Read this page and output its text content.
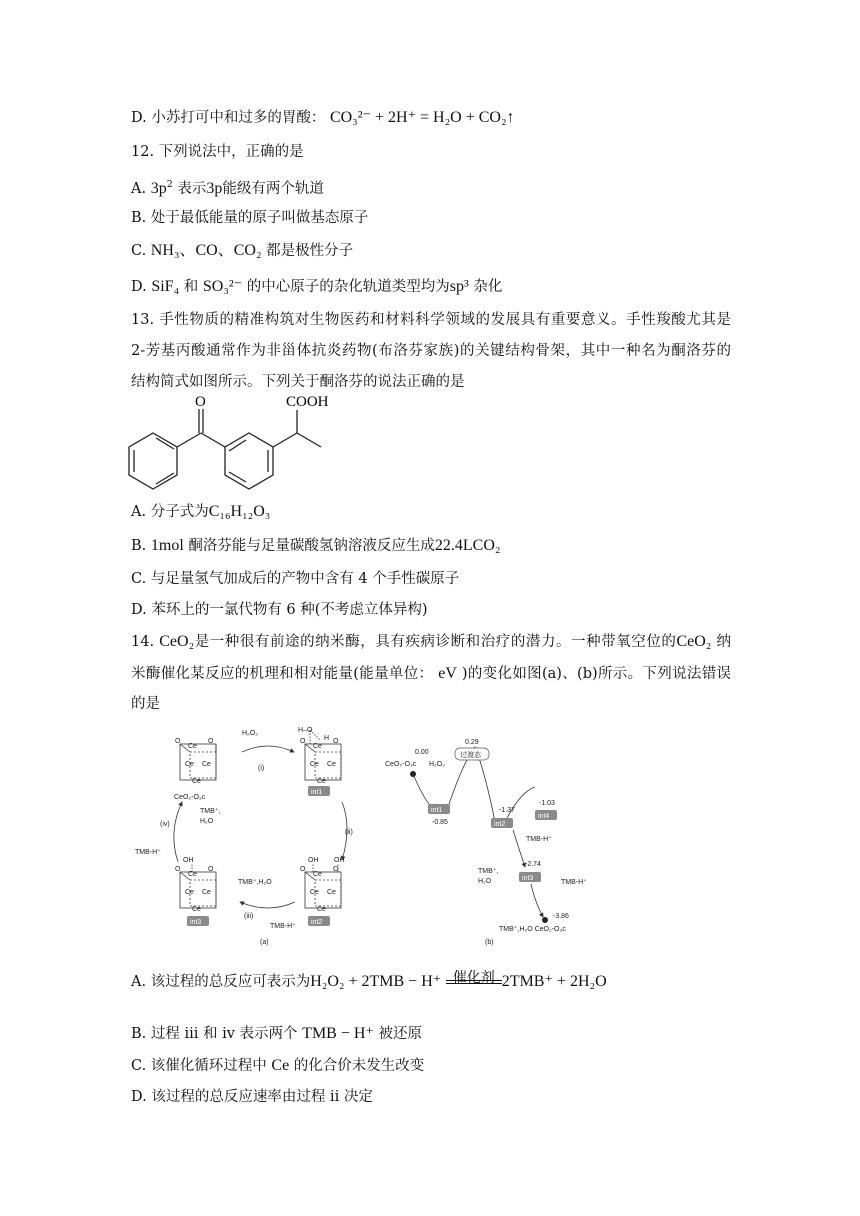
D. 小苏打可中和过多的胃酸： CO₃²⁻ + 2H⁺ = H₂O + CO₂↑
12. 下列说法中，正确的是
A. $3p^2$ 表示3p能级有两个轨道
B. 处于最低能量的原子叫做基态原子
C. NH₃、CO、CO₂ 都是极性分子
D. SiF₄ 和 SO₃²⁻ 的中心原子的杂化轨道类型均为sp³ 杂化
13. 手性物质的精准构筑对生物医药和材料科学领域的发展具有重要意义。手性羧酸尤其是
2-芳基丙酸通常作为非甾体抗炎药物(布洛芬家族)的关键结构骨架，其中一种名为酮洛芬的
结构简式如图所示。下列关于酮洛芬的说法正确的是
O	COOH
A. 分子式为C₁₆H₁₂O₃
B. 1mol 酮洛芬能与足量碳酸氢钠溶液反应生成22.4LCO₂
C. 与足量氢气加成后的产物中含有 4 个手性碳原子
D. 苯环上的一氯代物有 6 种(不考虑立体异构)
14. CeO₂是一种很有前途的纳米酶，具有疾病诊断和治疗的潜力。一种带氧空位的CeO₂ 纳
米酶催化某反应的机理和相对能量(能量单位： eV )的变化如图(a)、(b)所示。下列说法错误
的是
O
Ce
O
Ce Ce
Ce
O
Ce
O
Ce Ce
Ce
O
Ce
O
Ce Ce
Ce
O
Ce
O
Ce Ce
Ce
H₂O₂
(i)
(ii)
(iii)
(iv)
CeO₂-O₃c
H–O
H
int1
int2
int3
TMB-H⁺
TMB⁺,
H₂O
TMB⁺,H₂O
TMB-H⁺
OH	OH OH
(a)
0.00
CeO₂-O₃c H₂O₂
0.29
过渡态
int1
-0.85	int2
-1.37
int4
-1.03
TMB-H⁺
TMB⁺,
H₂O	int3
-2.74
TMB-H⁺
-3.86
TMB⁺,H₂O CeO₂-O₃c
(b)
A. 该过程的总反应可表示为H₂O₂ + 2TMB − H⁺ 催化剂 2TMB⁺ + 2H₂O
B. 过程 iii 和 iv 表示两个 TMB − H⁺ 被还原
C. 该催化循环过程中 Ce 的化合价未发生改变
D. 该过程的总反应速率由过程 ii 决定
